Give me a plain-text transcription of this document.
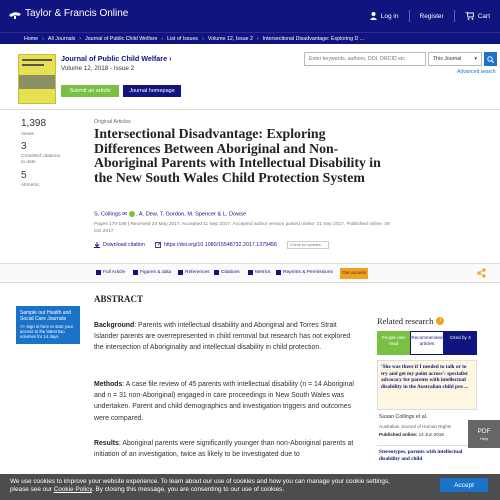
Taylor & Francis Online	Log in	Register	Cart
Home › All Journals › Journal of Public Child Welfare › List of Issues › Volume 12, Issue 2 › Intersectional Disadvantage: Exploring D ...
Journal of Public Child Welfare ›
Volume 12, 2018 - Issue 2
Submit an article	Journal homepage
Enter keywords, authors, DOI, ORCID etc
This Journal	▾
Advanced search
1,398
Views
3
CrossRef citations to date
5
Altmetric
Original Articles
Intersectional Disadvantage: Exploring Differences Between Aboriginal and Non-Aboriginal Parents with Intellectual Disability in the New South Wales Child Protection System
S. Collings ✉ , A. Dew, T. Gordon, M. Spencer & L. Dowse
Pages 170-189 | Received 24 May 2017, Accepted 11 Sep 2017, Accepted author version posted online: 21 Sep 2017, Published online: 09 Oct 2017
Download citation	https://doi.org/10.1080/15548732.2017.1379456	Check for updates
Full Article	Figures & data	References Citations	Metrics	Reprints & Permissions	Get access
Sample our Health and Social Care Journals
>> Sign in here to start your access to the latest two volumes for 14 days
ABSTRACT

Background: Parents with intellectual disability and Aboriginal and Torres Strait Islander parents are overrepresented in child removal but research has not explored the intersection of Aboriginality and intellectual disability in child protection.

Methods: A case file review of 45 parents with intellectual disability (n = 14 Aboriginal and n = 31 non-Aboriginal) engaged in care proceedings in New South Wales was undertaken. Parent and child demographics and investigation triggers and outcomes were compared.

Results: Aboriginal parents were significantly younger than non-Aboriginal parents at initiation of an investigation, twice as likely to be investigated due to

Related research	i
People also read
Recommended articles
Cited by 3
'She was there if I needed to talk or to try and get my point across': specialist advocacy for parents with intellectual disability in the Australian child pro ...
Susan Collings et al.
Australian Journal of Human Rights
Published online: 14 Jun 2018
Stereotypes, parents with intellectual disability and child
PDF
Help
We use cookies to improve your website experience. To learn about our use of cookies and how you can manage your cookie settings,
please see our Cookie Policy. By closing this message, you are consenting to our use of cookies.
Accept
